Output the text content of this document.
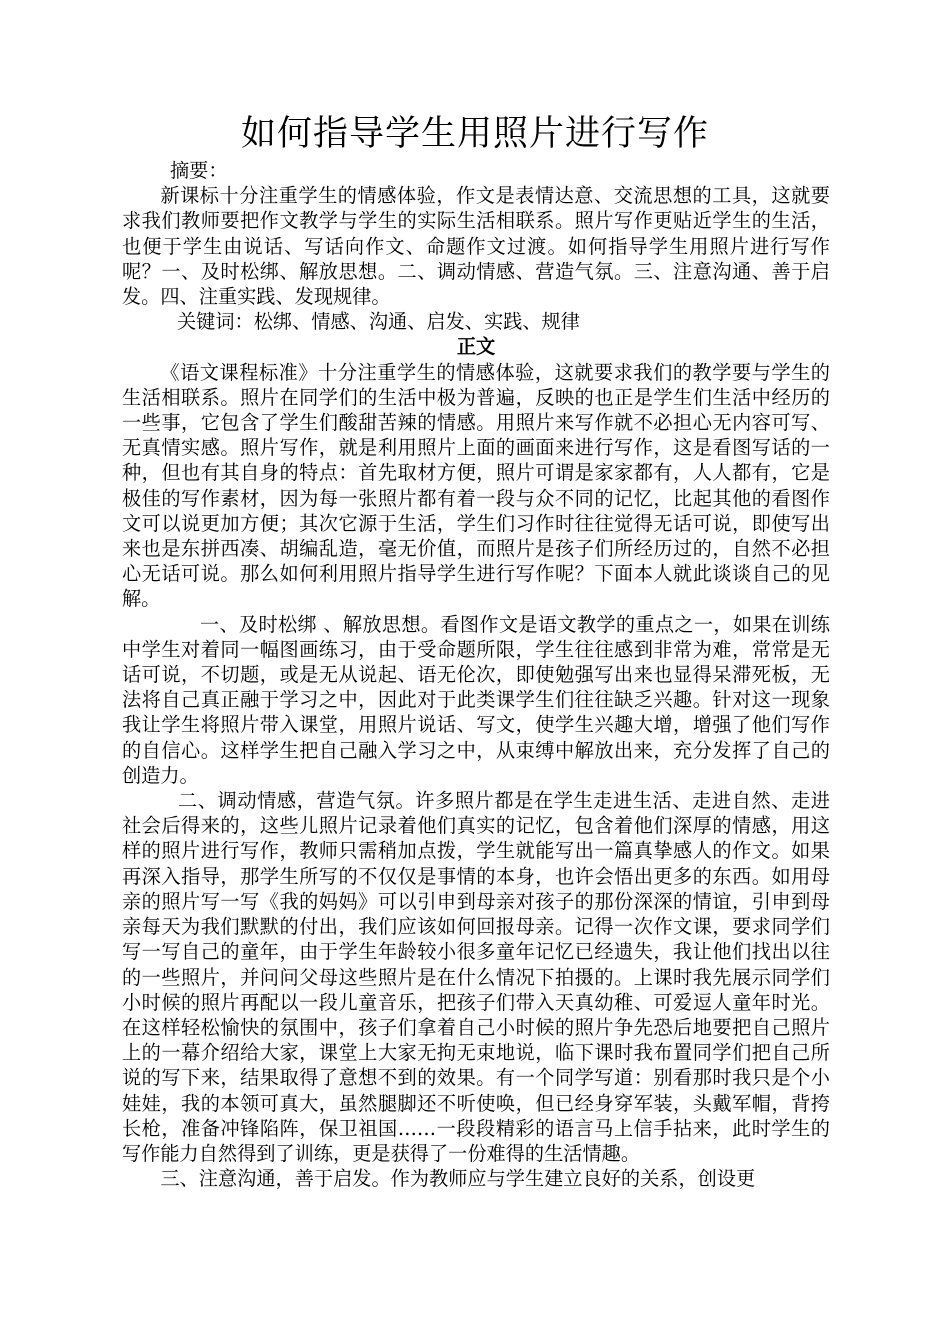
如何指导学生用照片进行写作

摘要：

新课标十分注重学生的情感体验，作文是表情达意、交流思想的工具，这就要求我们教师要把作文教学与学生的实际生活相联系。照片写作更贴近学生的生活，也便于学生由说话、写话向作文、命题作文过渡。如何指导学生用照片进行写作呢？一、及时松绑、解放思想。二、调动情感、营造气氛。三、注意沟通、善于启发。四、注重实践、发现规律。

关键词：松绑、情感、沟通、启发、实践、规律

正文

《语文课程标准》十分注重学生的情感体验，这就要求我们的教学要与学生的生活相联系。照片在同学们的生活中极为普遍，反映的也正是学生们生活中经历的一些事，它包含了学生们酸甜苦辣的情感。用照片来写作就不必担心无内容可写、无真情实感。照片写作，就是利用照片上面的画面来进行写作，这是看图写话的一种，但也有其自身的特点：首先取材方便，照片可谓是家家都有，人人都有，它是极佳的写作素材，因为每一张照片都有着一段与众不同的记忆，比起其他的看图作文可以说更加方便；其次它源于生活，学生们习作时往往觉得无话可说，即使写出来也是东拼西凑、胡编乱造，毫无价值，而照片是孩子们所经历过的，自然不必担心无话可说。那么如何利用照片指导学生进行写作呢？下面本人就此谈谈自己的见解。

一、及时松绑 、解放思想。看图作文是语文教学的重点之一，如果在训练中学生对着同一幅图画练习，由于受命题所限，学生往往感到非常为难，常常是无话可说，不切题，或是无从说起、语无伦次，即使勉强写出来也显得呆滞死板，无法将自己真正融于学习之中，因此对于此类课学生们往往缺乏兴趣。针对这一现象我让学生将照片带入课堂，用照片说话、写文，使学生兴趣大增，增强了他们写作的自信心。这样学生把自己融入学习之中，从束缚中解放出来，充分发挥了自己的创造力。

二、调动情感，营造气氛。许多照片都是在学生走进生活、走进自然、走进社会后得来的，这些儿照片记录着他们真实的记忆，包含着他们深厚的情感，用这样的照片进行写作，教师只需稍加点拨，学生就能写出一篇真挚感人的作文。如果再深入指导，那学生所写的不仅仅是事情的本身，也许会悟出更多的东西。如用母亲的照片写一写《我的妈妈》可以引申到母亲对孩子的那份深深的情谊，引申到母亲每天为我们默默的付出，我们应该如何回报母亲。记得一次作文课，要求同学们写一写自己的童年，由于学生年龄较小很多童年记忆已经遗失，我让他们找出以往的一些照片，并问问父母这些照片是在什么情况下拍摄的。上课时我先展示同学们小时候的照片再配以一段儿童音乐，把孩子们带入天真幼稚、可爱逗人童年时光。在这样轻松愉快的氛围中，孩子们拿着自己小时候的照片争先恐后地要把自己照片上的一幕介绍给大家，课堂上大家无拘无束地说，临下课时我布置同学们把自己所说的写下来，结果取得了意想不到的效果。有一个同学写道：别看那时我只是个小娃娃，我的本领可真大，虽然腿脚还不听使唤，但已经身穿军装，头戴军帽，背挎长枪，准备冲锋陷阵，保卫祖国……一段段精彩的语言马上信手拈来，此时学生的写作能力自然得到了训练，更是获得了一份难得的生活情趣。

三、注意沟通，善于启发。作为教师应与学生建立良好的关系，创设更
